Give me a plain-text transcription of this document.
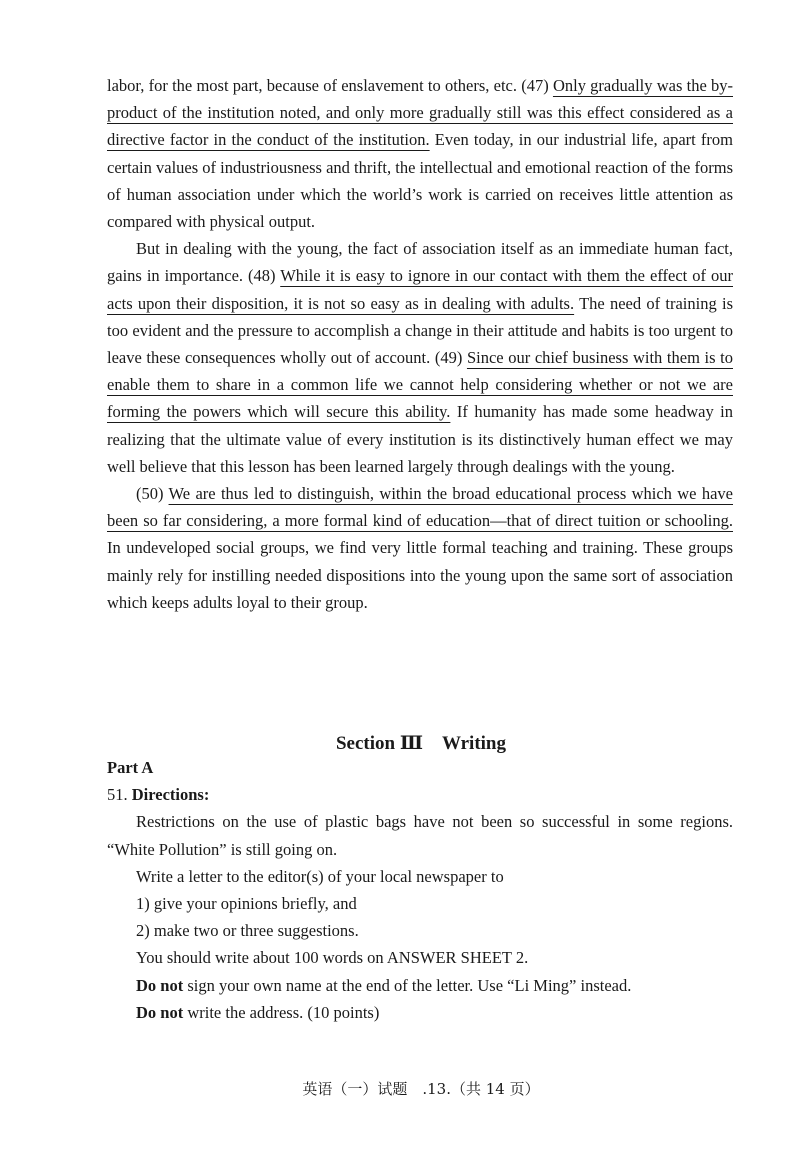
labor, for the most part, because of enslavement to others, etc. (47) Only gradually was the by-product of the institution noted, and only more gradually still was this effect considered as a directive factor in the conduct of the institution. Even today, in our industrial life, apart from certain values of industriousness and thrift, the intellectual and emotional reaction of the forms of human association under which the world’s work is carried on receives little attention as compared with physical output.

But in dealing with the young, the fact of association itself as an immediate human fact, gains in importance. (48) While it is easy to ignore in our contact with them the effect of our acts upon their disposition, it is not so easy as in dealing with adults. The need of training is too evident and the pressure to accomplish a change in their attitude and habits is too urgent to leave these consequences wholly out of account. (49) Since our chief business with them is to enable them to share in a common life we cannot help considering whether or not we are forming the powers which will secure this ability. If humanity has made some headway in realizing that the ultimate value of every institution is its distinctively human effect we may well believe that this lesson has been learned largely through dealings with the young.

(50) We are thus led to distinguish, within the broad educational process which we have been so far considering, a more formal kind of education—that of direct tuition or schooling. In undeveloped social groups, we find very little formal teaching and training. These groups mainly rely for instilling needed dispositions into the young upon the same sort of association which keeps adults loyal to their group.

Section Ⅲ　Writing

Part A

51. Directions:

Restrictions on the use of plastic bags have not been so successful in some regions. “White Pollution” is still going on.

Write a letter to the editor(s) of your local newspaper to

1) give your opinions briefly, and

2) make two or three suggestions.

You should write about 100 words on ANSWER SHEET 2.

Do not sign your own name at the end of the letter. Use “Li Ming” instead.

Do not write the address. (10 points)

英语（一）试题　.13.（共 14 页）
